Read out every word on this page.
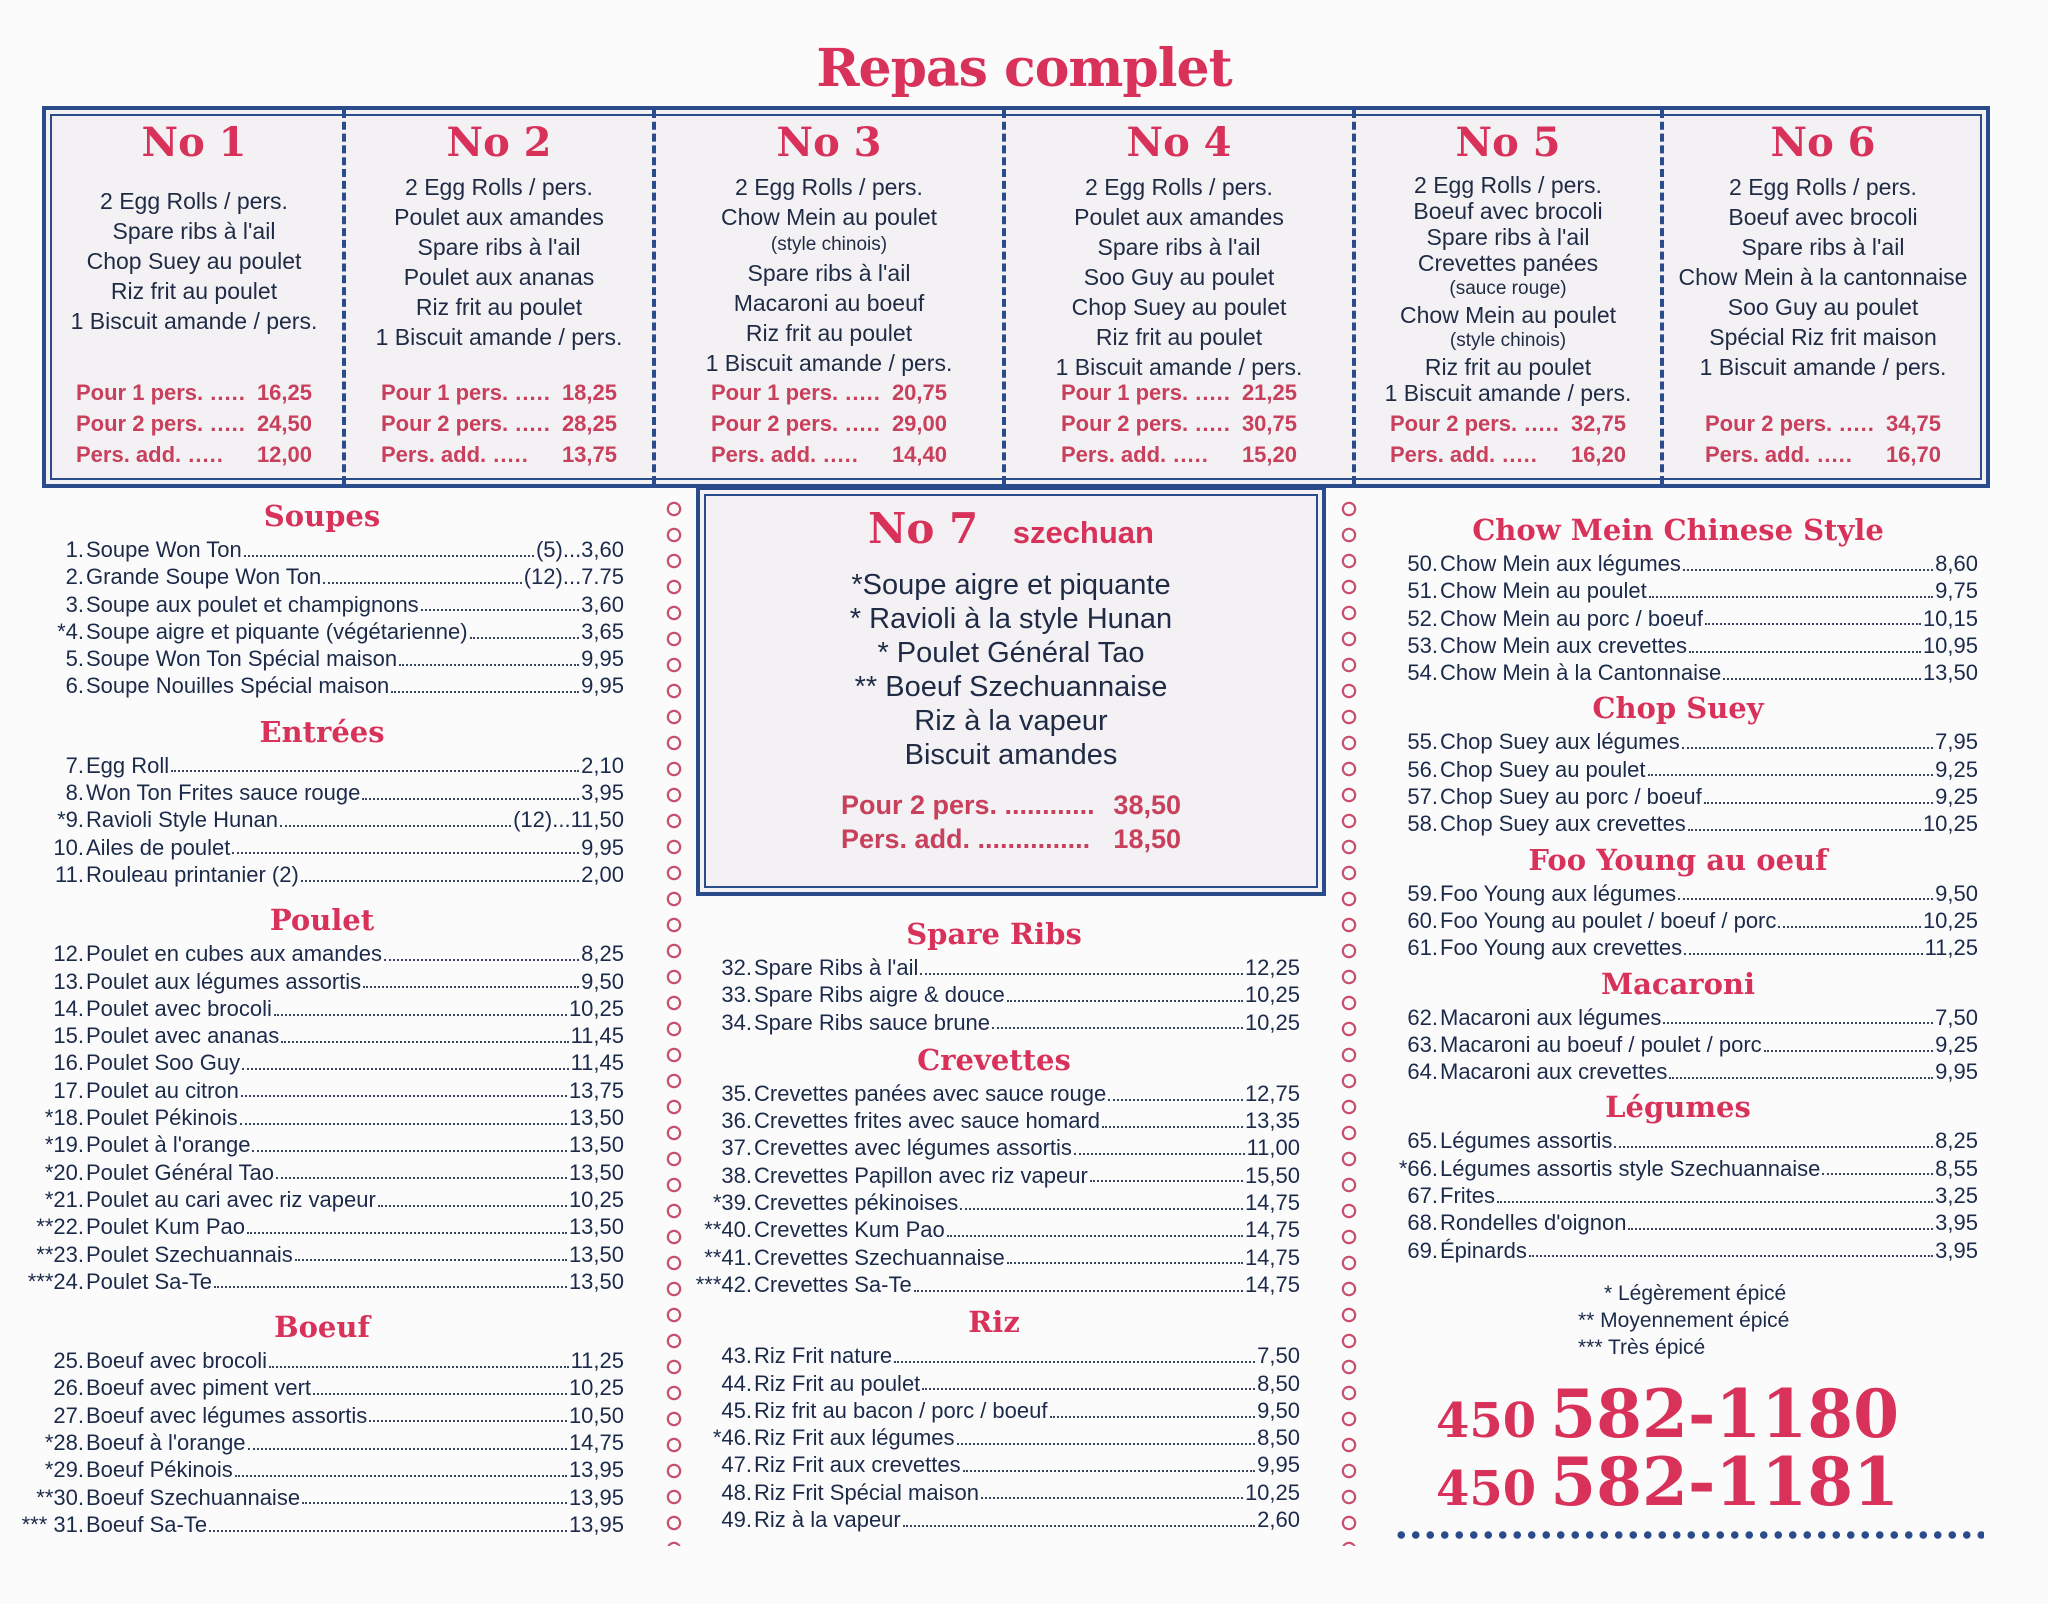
Repas complet
No 1
2 Egg Rolls / pers.
Spare ribs à l'ail
Chop Suey au poulet
Riz frit au poulet
1 Biscuit amande / pers.
Pour 1 pers. .....	16,25
Pour 2 pers. .....	24,50
Pers. add. .....	12,00
No 2
2 Egg Rolls / pers.
Poulet aux amandes
Spare ribs à l'ail
Poulet aux ananas
Riz frit au poulet
1 Biscuit amande / pers.
Pour 1 pers. .....	18,25
Pour 2 pers. .....	28,25
Pers. add. .....	13,75
No 3
2 Egg Rolls / pers.
Chow Mein au poulet
(style chinois)
Spare ribs à l'ail
Macaroni au boeuf
Riz frit au poulet
1 Biscuit amande / pers.
Pour 1 pers. .....	20,75
Pour 2 pers. .....	29,00
Pers. add. .....	14,40
No 4
2 Egg Rolls / pers.
Poulet aux amandes
Spare ribs à l'ail
Soo Guy au poulet
Chop Suey au poulet
Riz frit au poulet
1 Biscuit amande / pers.
Pour 1 pers. .....	21,25
Pour 2 pers. .....	30,75
Pers. add. .....	15,20
No 5
2 Egg Rolls / pers.
Boeuf avec brocoli
Spare ribs à l'ail
Crevettes panées
(sauce rouge)
Chow Mein au poulet
(style chinois)
Riz frit au poulet
1 Biscuit amande / pers.
Pour 2 pers. .....	32,75
Pers. add. .....	16,20
No 6
2 Egg Rolls / pers.
Boeuf avec brocoli
Spare ribs à l'ail
Chow Mein à la cantonnaise
Soo Guy au poulet
Spécial Riz frit maison
1 Biscuit amande / pers.
Pour 2 pers. .....	34,75
Pers. add. .....	16,70
Soupes
1. Soupe Won Ton	(5)...3,60
2. Grande Soupe Won Ton	(12)...7.75
3. Soupe aux poulet et champignons	3,60
*4. Soupe aigre et piquante (végétarienne)	3,65
5. Soupe Won Ton Spécial maison	9,95
6. Soupe Nouilles Spécial maison	9,95
Entrées
7. Egg Roll	2,10
8. Won Ton Frites sauce rouge	3,95
*9. Ravioli Style Hunan	(12)...11,50
10. Ailes de poulet	9,95
11. Rouleau printanier (2)	2,00
Poulet
12. Poulet en cubes aux amandes	8,25
13. Poulet aux légumes assortis	9,50
14. Poulet avec brocoli	10,25
15. Poulet avec ananas	11,45
16. Poulet Soo Guy	11,45
17. Poulet au citron	13,75
*18. Poulet Pékinois	13,50
*19. Poulet à l'orange	13,50
*20. Poulet Général Tao	13,50
*21. Poulet au cari avec riz vapeur	10,25
**22. Poulet Kum Pao	13,50
**23. Poulet Szechuannais	13,50
***24. Poulet Sa-Te	13,50
Boeuf
25. Boeuf avec brocoli	11,25
26. Boeuf avec piment vert	10,25
27. Boeuf avec légumes assortis	10,50
*28. Boeuf à l'orange	14,75
*29. Boeuf Pékinois	13,95
**30. Boeuf Szechuannaise	13,95
*** 31. Boeuf Sa-Te	13,95
No 7 szechuan
*Soupe aigre et piquante
* Ravioli à la style Hunan
* Poulet Général Tao
** Boeuf Szechuannaise
Riz à la vapeur
Biscuit amandes
Pour 2 pers. ............ 38,50
Pers. add. ............... 18,50
Spare Ribs
32. Spare Ribs à l'ail	12,25
33. Spare Ribs aigre & douce	10,25
34. Spare Ribs sauce brune	10,25
Crevettes
35. Crevettes panées avec sauce rouge	12,75
36. Crevettes frites avec sauce homard	13,35
37. Crevettes avec légumes assortis	11,00
38. Crevettes Papillon avec riz vapeur	15,50
*39. Crevettes pékinoises	14,75
**40. Crevettes Kum Pao	14,75
**41. Crevettes Szechuannaise	14,75
***42. Crevettes Sa-Te	14,75
Riz
43. Riz Frit nature	7,50
44. Riz Frit au poulet	8,50
45. Riz frit au bacon / porc / boeuf	9,50
*46. Riz Frit aux légumes	8,50
47. Riz Frit aux crevettes	9,95
48. Riz Frit Spécial maison	10,25
49. Riz à la vapeur	2,60
Chow Mein Chinese Style
50. Chow Mein aux légumes	8,60
51. Chow Mein au poulet	9,75
52. Chow Mein au porc / boeuf	10,15
53. Chow Mein aux crevettes	10,95
54. Chow Mein à la Cantonnaise	13,50
Chop Suey
55. Chop Suey aux légumes	7,95
56. Chop Suey au poulet	9,25
57. Chop Suey au porc / boeuf	9,25
58. Chop Suey aux crevettes	10,25
Foo Young au oeuf
59. Foo Young aux légumes	9,50
60. Foo Young au poulet / boeuf / porc	10,25
61. Foo Young aux crevettes	11,25
Macaroni
62. Macaroni aux légumes	7,50
63. Macaroni au boeuf / poulet / porc	9,25
64. Macaroni aux crevettes	9,95
Légumes
65. Légumes assortis	8,25
*66. Légumes assortis style Szechuannaise	8,55
67. Frites	3,25
68. Rondelles d'oignon	3,95
69. Épinards	3,95
* Légèrement épicé
** Moyennement épicé
*** Très épicé
450 582-1180
450 582-1181
